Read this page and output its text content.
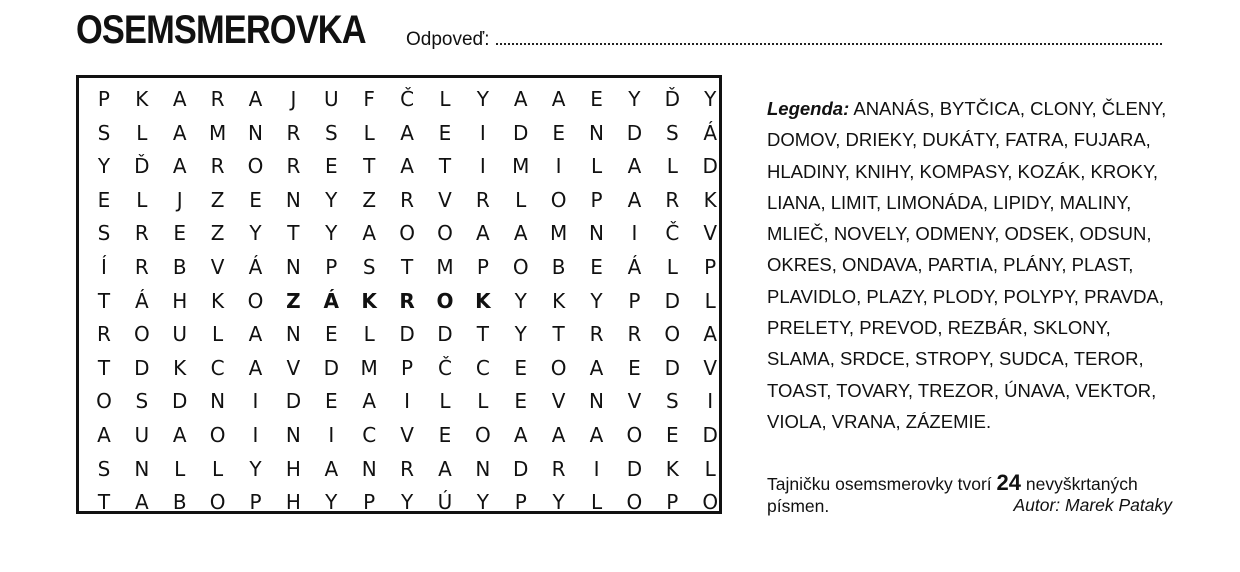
OSEMSMEROVKA Odpoveď:
P	K	A	R	A	J	U	F	Č	L	Y	A	A	E	Y	Ď	Y
S	L	A	M	N	R	S	L	A	E	I	D	E	N	D	S	Á
Y	Ď	A	R	O	R	E	T	A	T	I	M	I	L	A	L	D
E	L	J	Z	E	N	Y	Z	R	V	R	L	O	P	A	R	K
S	R	E	Z	Y	T	Y	A	O	O	A	A	M	N	I	Č	V
Í	R	B	V	Á	N	P	S	T	M	P	O	B	E	Á	L	P
T	Á	H	K	O	Z	Á	K	R	O	K	Y	K	Y	P	D	L
R	O	U	L	A	N	E	L	D	D	T	Y	T	R	R	O	A
T	D	K	C	A	V	D	M	P	Č	C	E	O	A	E	D	V
O	S	D	N	I	D	E	A	I	L	L	E	V	N	V	S	I
A	U	A	O	I	N	I	C	V	E	O	A	A	A	O	E	D
S	N	L	L	Y	H	A	N	R	A	N	D	R	I	D	K	L
T	A	B	O	P	H	Y	P	Y	Ú	Y	P	Y	L	O	P	O
Legenda: ANANÁS, BYTČICA, CLONY, ČLENY, DOMOV, DRIEKY, DUKÁTY, FATRA, FUJARA, HLADINY, KNIHY, KOMPASY, KOZÁK, KROKY, LIANA, LIMIT, LIMONÁDA, LIPIDY, MALINY, MLIEČ, NOVELY, ODMENY, ODSEK, ODSUN, OKRES, ONDAVA, PARTIA, PLÁNY, PLAST, PLAVIDLO, PLAZY, PLODY, POLYPY, PRAVDA, PRELETY, PREVOD, REZBÁR, SKLONY, SLAMA, SRDCE, STROPY, SUDCA, TEROR, TOAST, TOVARY, TREZOR, ÚNAVA, VEKTOR, VIOLA, VRANA, ZÁZEMIE.
Tajničku osemsmerovky tvorí 24 nevyškrtaných písmen.	Autor: Marek Pataky
